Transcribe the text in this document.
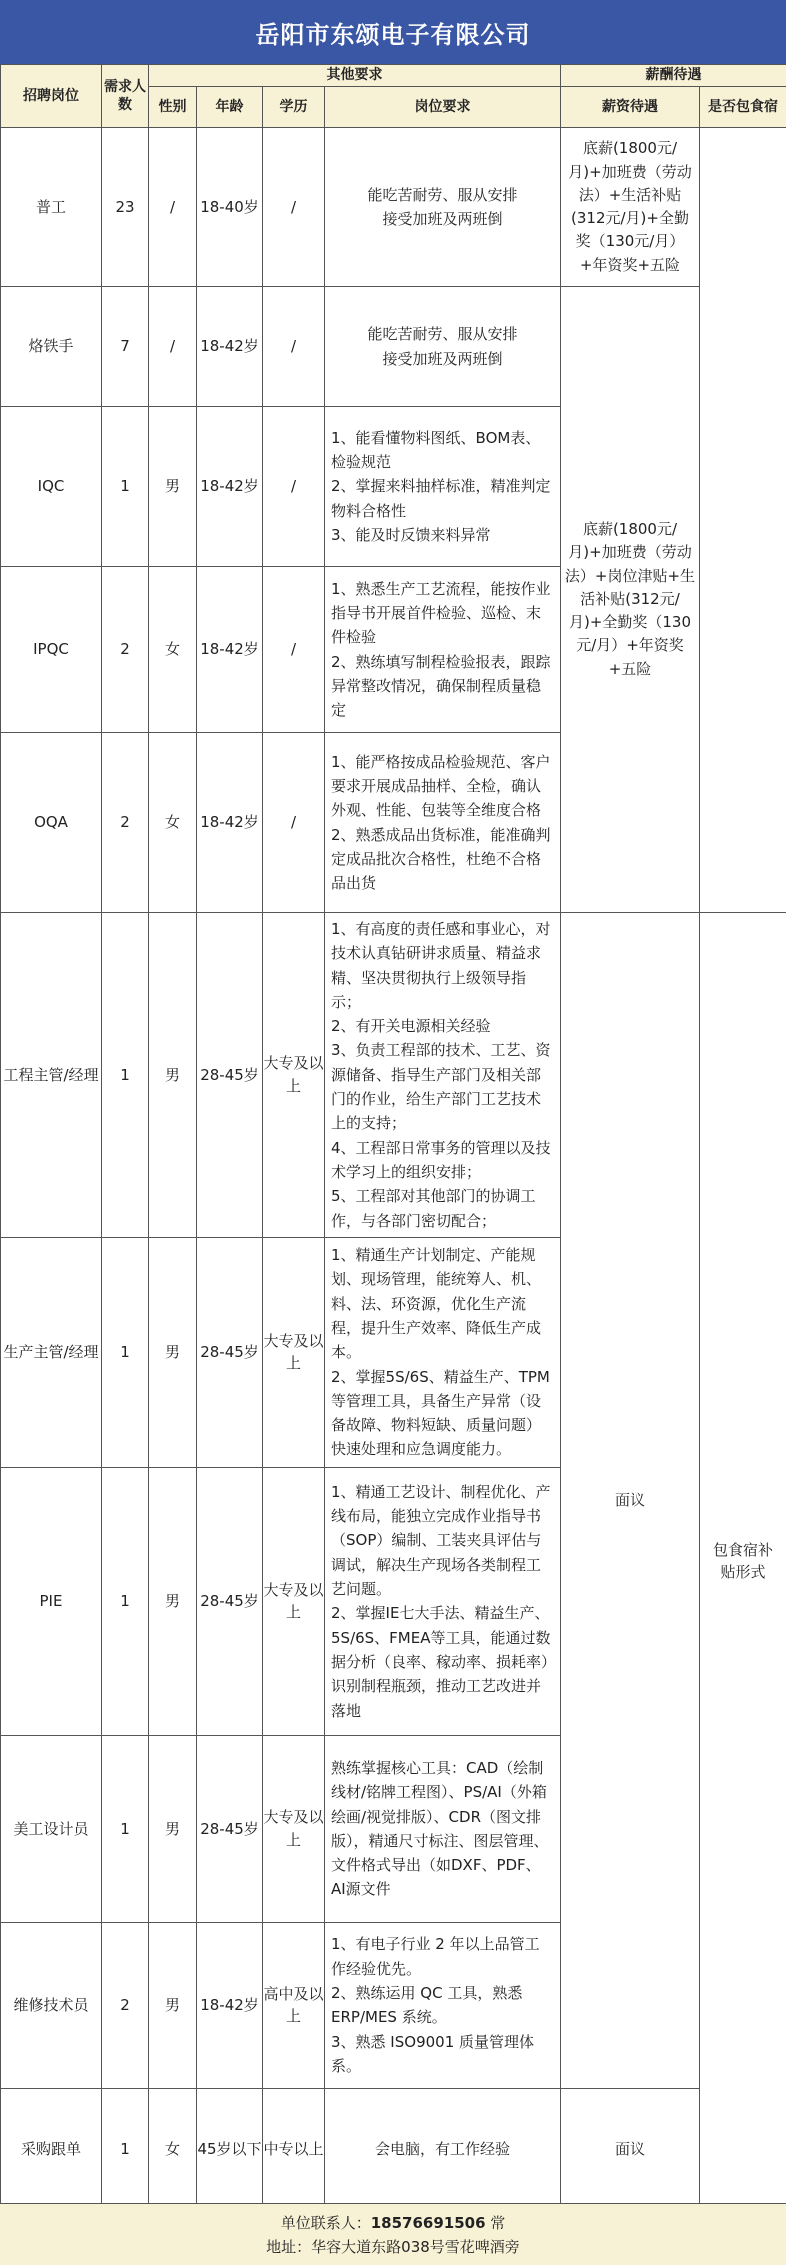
岳阳市东颂电子有限公司
招聘岗位	需求人数	其他要求				薪酬待遇		
		性别	年龄	学历	岗位要求	薪资待遇	是否包食宿	
普工	23	/	18-40岁	/	能吃苦耐劳、服从安排
接受加班及两班倒	底薪(1800元/月)+加班费（劳动法）+生活补贴(312元/月)+全勤奖（130元/月）+年资奖+五险		
烙铁手	7	/	18-42岁	/	能吃苦耐劳、服从安排
接受加班及两班倒	底薪(1800元/月)+加班费（劳动法）+岗位津贴+生活补贴(312元/月)+全勤奖（130元/月）+年资奖+五险		
IQC	1	男	18-42岁	/	1、能看懂物料图纸、BOM表、检验规范
2、掌握来料抽样标准，精准判定物料合格性
3、能及时反馈来料异常			

IPQC	2	女	18-42岁	/	1、熟悉生产工艺流程，能按作业指导书开展首件检验、巡检、末件检验
2、熟练填写制程检验报表，跟踪异常整改情况，确保制程质量稳定			

OQA	2	女	18-42岁	/	1、能严格按成品检验规范、客户要求开展成品抽样、全检，确认外观、性能、包装等全维度合格
2、熟悉成品出货标准，能准确判定成品批次合格性，杜绝不合格品出货			

工程主管/经理	1	男	28-45岁	大专及以上	1、有高度的责任感和事业心，对技术认真钻研讲求质量、精益求精、坚决贯彻执行上级领导指示；
2、有开关电源相关经验
3、负责工程部的技术、工艺、资源储备、指导生产部门及相关部门的作业，给生产部门工艺技术上的支持；
4、工程部日常事务的管理以及技术学习上的组织安排；
5、工程部对其他部门的协调工作，与各部门密切配合；	面议	包食宿补贴形式	
生产主管/经理	1	男	28-45岁	大专及以上	1、精通生产计划制定、产能规划、现场管理，能统筹人、机、料、法、环资源，优化生产流程，提升生产效率、降低生产成本。
2、掌握5S/6S、精益生产、TPM等管理工具，具备生产异常（设备故障、物料短缺、质量问题）快速处理和应急调度能力。			

PIE	1	男	28-45岁	大专及以上	1、精通工艺设计、制程优化、产线布局，能独立完成作业指导书（SOP）编制、工装夹具评估与调试，解决生产现场各类制程工艺问题。
2、掌握IE七大手法、精益生产、5S/6S、FMEA等工具，能通过数据分析（良率、稼动率、损耗率）识别制程瓶颈，推动工艺改进并落地			

美工设计员	1	男	28-45岁	大专及以上	熟练掌握核心工具：CAD（绘制线材/铭牌工程图）、PS/AI（外箱绘画/视觉排版）、CDR（图文排版），精通尺寸标注、图层管理、文件格式导出（如DXF、PDF、AI源文件			

维修技术员	2	男	18-42岁	高中及以上	1、有电子行业 2 年以上品管工作经验优先。
2、熟练运用 QC 工具，熟悉 ERP/MES 系统。
3、熟悉 ISO9001 质量管理体系。			

采购跟单	1	女	45岁以下	中专以上	会电脑，有工作经验	面议		
单位联系人：18576691506 常
地址：华容大道东路038号雪花啤酒旁
